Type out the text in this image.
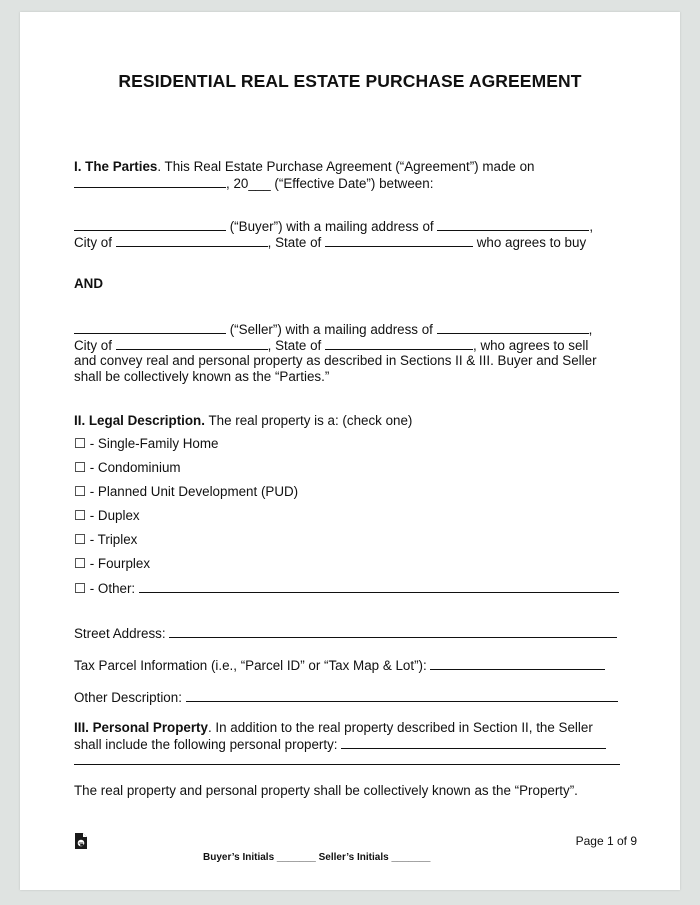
RESIDENTIAL REAL ESTATE PURCHASE AGREEMENT
I. The Parties. This Real Estate Purchase Agreement (“Agreement”) made on
, 20___ (“Effective Date”) between:
(“Buyer”) with a mailing address of	,
City of	, State of	who agrees to buy
AND
(“Seller”) with a mailing address of	,
City of	, State of	, who agrees to sell
and convey real and personal property as described in Sections II & III. Buyer and Seller
shall be collectively known as the “Parties.”
II. Legal Description. The real property is a: (check one)
☐ - Single-Family Home
☐ - Condominium
☐ - Planned Unit Development (PUD)
☐ - Duplex
☐ - Triplex
☐ - Fourplex
☐ - Other:
Street Address:
Tax Parcel Information (i.e., “Parcel ID” or “Tax Map & Lot”):
Other Description:
III. Personal Property. In addition to the real property described in Section II, the Seller
shall include the following personal property:
The real property and personal property shall be collectively known as the “Property”.
Page 1 of 9
Buyer’s Initials _______ Seller’s Initials _______
